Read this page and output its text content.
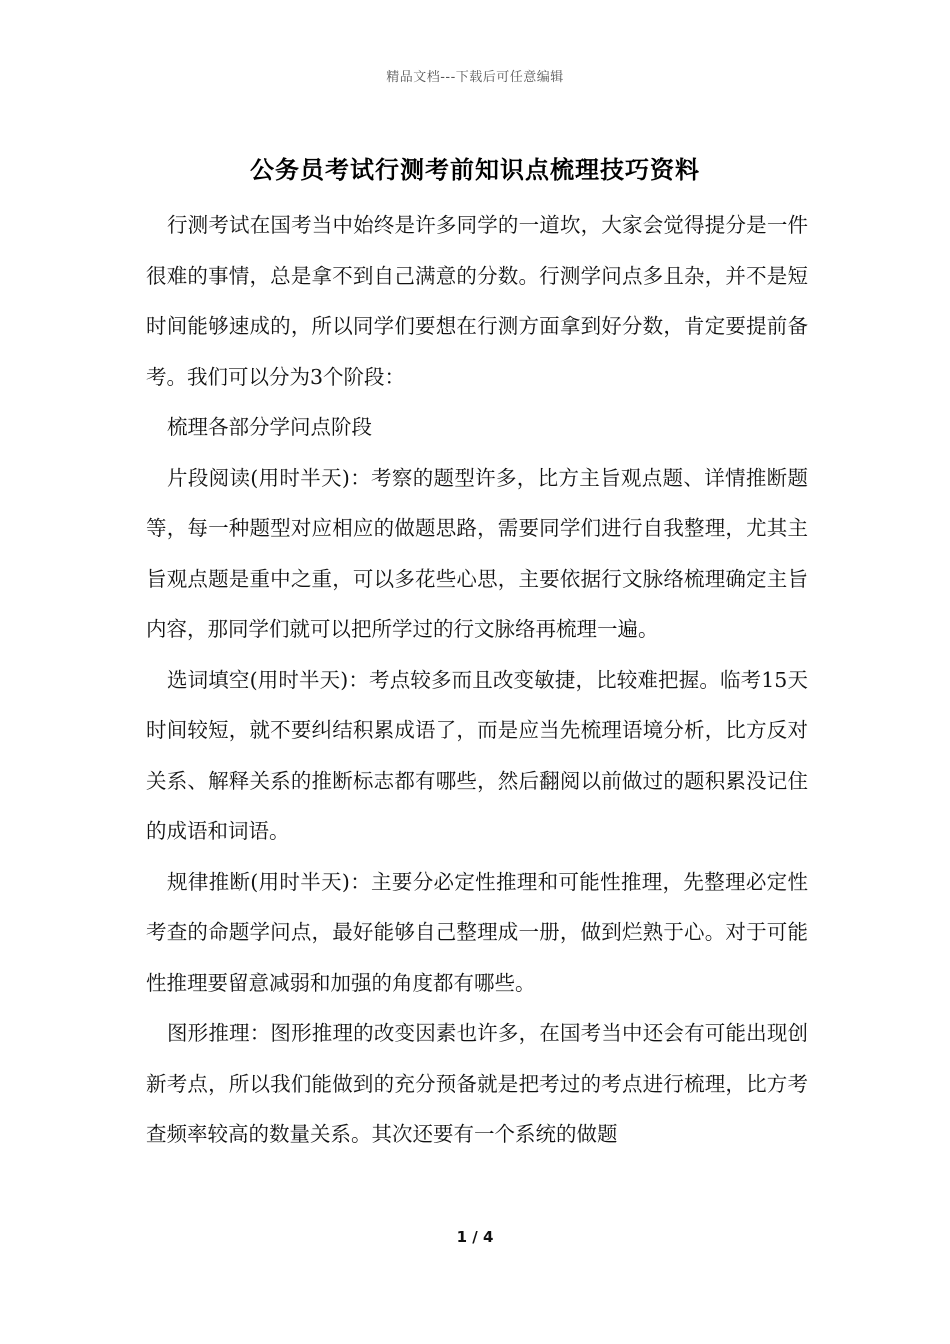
精品文档---下载后可任意编辑
公务员考试行测考前知识点梳理技巧资料

行测考试在国考当中始终是许多同学的一道坎，大家会觉得提分是一件很难的事情，总是拿不到自己满意的分数。行测学问点多且杂，并不是短时间能够速成的，所以同学们要想在行测方面拿到好分数，肯定要提前备考。我们可以分为3个阶段：

梳理各部分学问点阶段

片段阅读(用时半天)：考察的题型许多，比方主旨观点题、详情推断题等，每一种题型对应相应的做题思路，需要同学们进行自我整理，尤其主旨观点题是重中之重，可以多花些心思，主要依据行文脉络梳理确定主旨内容，那同学们就可以把所学过的行文脉络再梳理一遍。

选词填空(用时半天)：考点较多而且改变敏捷，比较难把握。临考15天时间较短，就不要纠结积累成语了，而是应当先梳理语境分析，比方反对关系、解释关系的推断标志都有哪些，然后翻阅以前做过的题积累没记住的成语和词语。

规律推断(用时半天)：主要分必定性推理和可能性推理，先整理必定性考查的命题学问点，最好能够自己整理成一册，做到烂熟于心。对于可能性推理要留意减弱和加强的角度都有哪些。

图形推理：图形推理的改变因素也许多，在国考当中还会有可能出现创新考点，所以我们能做到的充分预备就是把考过的考点进行梳理，比方考查频率较高的数量关系。其次还要有一个系统的做题

1 / 4
